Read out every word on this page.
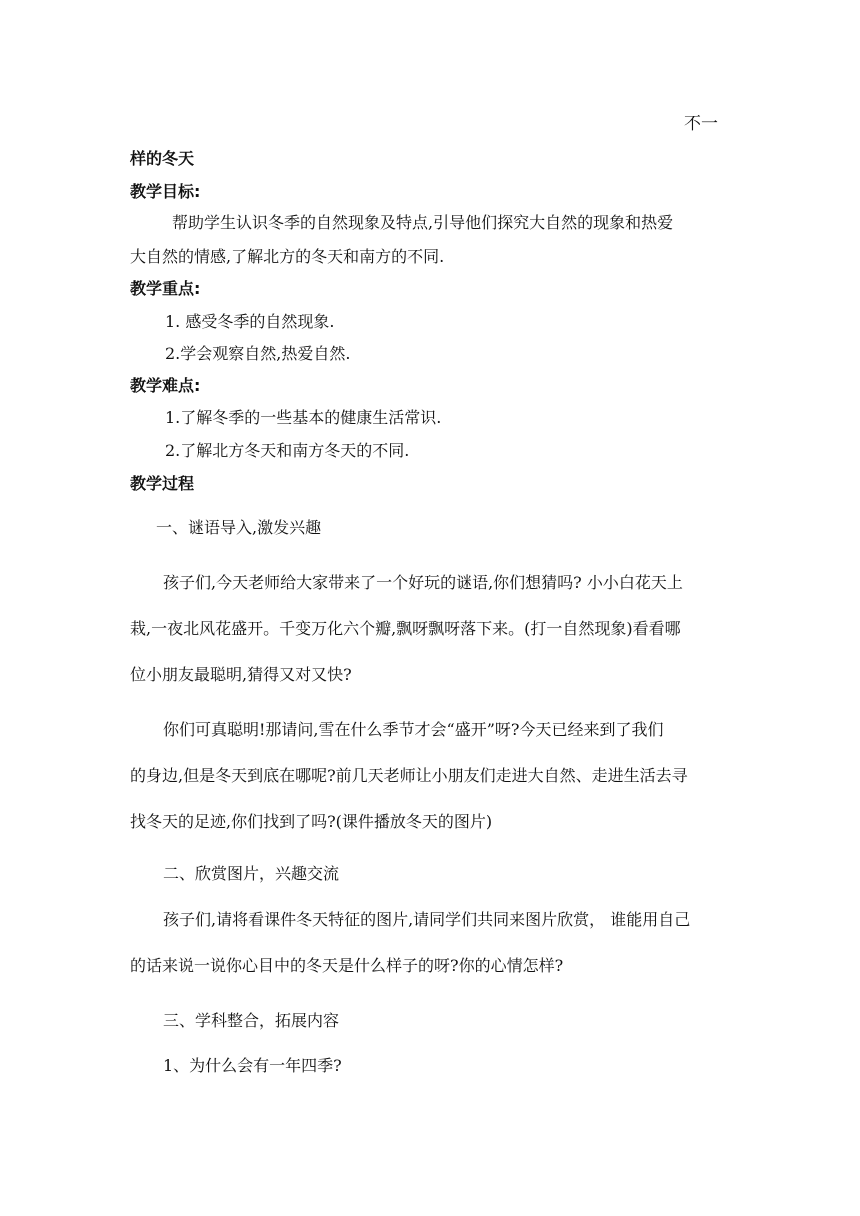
不一
样的冬天
教学目标:
帮助学生认识冬季的自然现象及特点,引导他们探究大自然的现象和热爱
大自然的情感,了解北方的冬天和南方的不同.
教学重点:
1. 感受冬季的自然现象.
2.学会观察自然,热爱自然.
教学难点:
1.了解冬季的一些基本的健康生活常识.
2.了解北方冬天和南方冬天的不同.
教学过程
一、谜语导入,激发兴趣
孩子们,今天老师给大家带来了一个好玩的谜语,你们想猜吗? 小小白花天上
栽,一夜北风花盛开。千变万化六个瓣,飘呀飘呀落下来。(打一自然现象)看看哪
位小朋友最聪明,猜得又对又快?
你们可真聪明!那请问,雪在什么季节才会“盛开”呀?今天已经来到了我们
的身边,但是冬天到底在哪呢?前几天老师让小朋友们走进大自然、走进生活去寻
找冬天的足迹,你们找到了吗?(课件播放冬天的图片)
二、欣赏图片，兴趣交流
孩子们,请将看课件冬天特征的图片,请同学们共同来图片欣赏， 谁能用自己
的话来说一说你心目中的冬天是什么样子的呀?你的心情怎样?
三、学科整合，拓展内容
1、为什么会有一年四季?
